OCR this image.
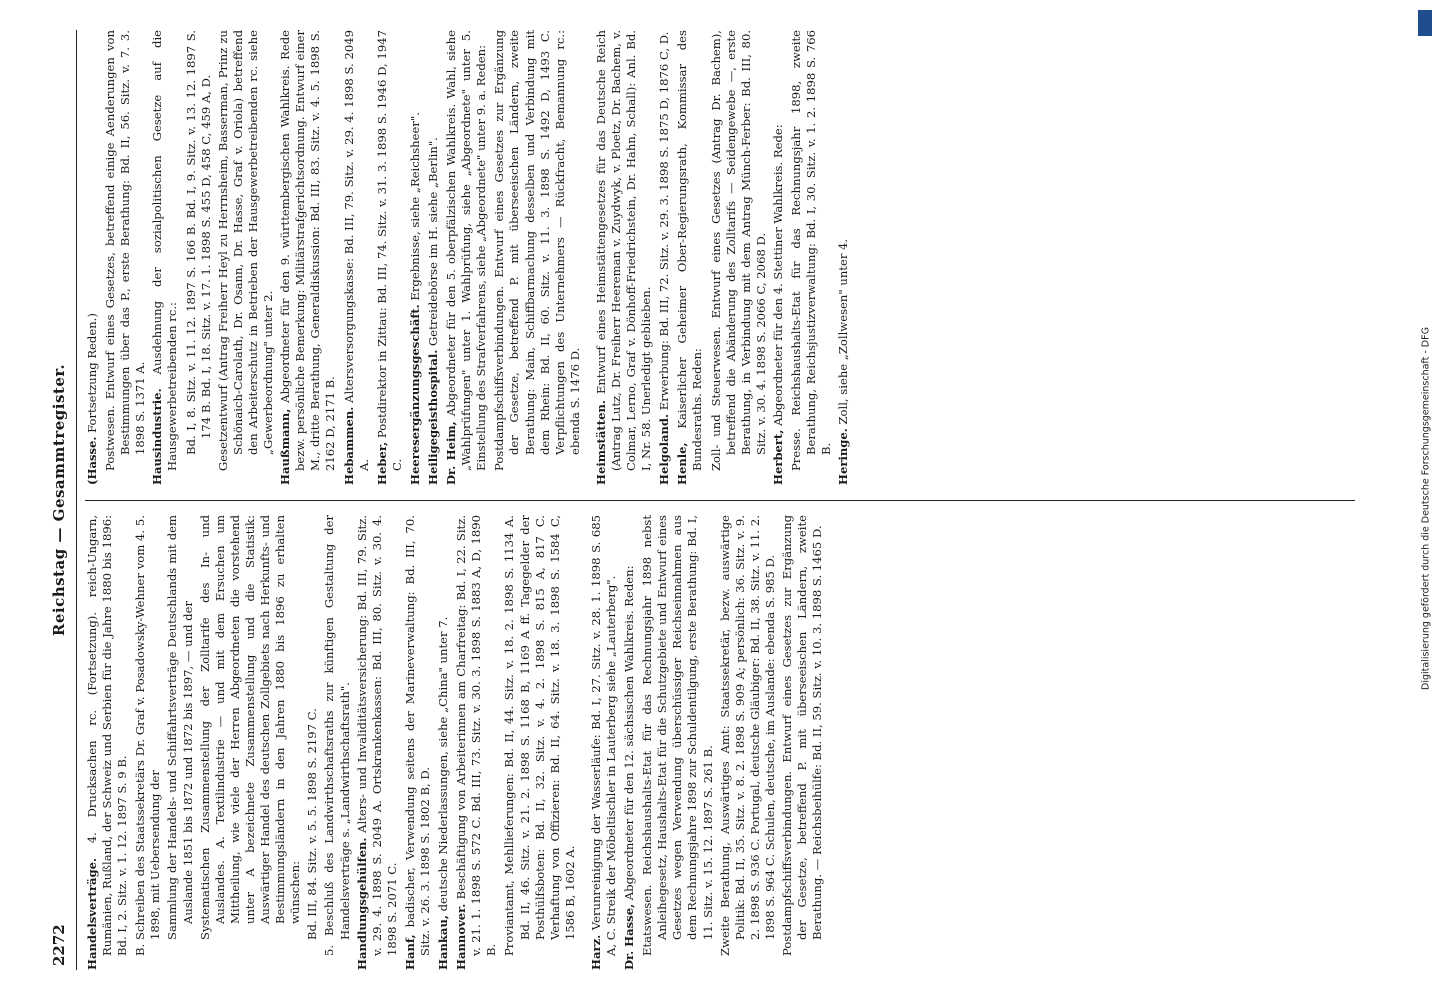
2272
Reichstag — Gesammtregister.

Handelsverträge. 4. Drucksachen rc. (Fortsetzung). reich-Ungarn, Rumänien, Rußland, der Schweiz und Serbien für die Jahre 1880 bis 1896: Bd. I, 2. Sitz. v. 1. 12. 1897 S. 9 B. B. Schreiben des Staatssekretärs Dr. Graf v. Posadowsky-Wehner vom 4. 5. 1898, mit Uebersendung der Sammlung der Handels- und Schiffahrtsverträge Deutschlands mit dem Auslande 1851 bis 1872 und 1872 bis 1897, — und der Systematischen Zusammenstellung der Zolltarife des In- und Auslandes. A. Textilindustrie — und mit dem Ersuchen um Mittheilung, wie viele der Herren Abgeordneten die vorstehend unter A bezeichnete Zusammenstellung und die Statistik: Auswärtiger Handel des deutschen Zollgebiets nach Herkunfts- und Bestimmungsländern in den Jahren 1880 bis 1896 zu erhalten wünschen: Bd. III, 84. Sitz. v. 5. 5. 1898 S. 2197 C. 5. Beschluß des Landwirthschaftsraths zur künftigen Gestaltung der Handelsverträge s. „Landwirthschaftsrath". Handlungsgehülfen. Alters- und Invaliditätsversicherung: Bd. III, 79. Sitz. v. 29. 4. 1898 S. 2049 A. Ortskrankenkassen: Bd. III, 80. Sitz. v. 30. 4. 1898 S. 2071 C. Hanf, badischer, Verwendung seitens der Marineverwaltung: Bd. III, 70. Sitz. v. 26. 3. 1898 S. 1802 B, D. Hankau, deutsche Niederlassungen, siehe „China" unter 7.

Hannover. Beschäftigung von Arbeiterinnen am Charfreitag: Bd. I, 22. Sitz. v. 21. 1. 1898 S. 572 C. Bd. III, 73. Sitz. v. 30. 3. 1898 S. 1883 A, D, 1890 B. Proviantamt, Mehllieferungen: Bd. II, 44. Sitz. v. 18. 2. 1898 S. 1134 A. Bd. II, 46. Sitz. v. 21. 2. 1898 S. 1168 B, 1169 A ff. Tagegelder der Posthülfsboten: Bd. II, 32. Sitz. v. 4. 2. 1898 S. 815 A, 817 C. Verhaftung von Offizieren: Bd. II, 64. Sitz. v. 18. 3. 1898 S. 1584 C, 1586 B, 1602 A.

Harz. Verunreinigung der Wasserläufe: Bd. I, 27. Sitz. v. 28. 1. 1898 S. 685 A, C. Streik der Möbeltischler in Lauterberg siehe „Lauterberg". Dr. Hasse, Abgeordneter für den 12. sächsischen Wahlkreis. Reden: Etatswesen. Reichshaushalts-Etat für das Rechnungsjahr 1898 nebst Anleihegesetz, Haushalts-Etat für die Schutzgebiete und Entwurf eines Gesetzes wegen Verwendung überschüssiger Reichseinnahmen aus dem Rechnungsjahre 1898 zur Schuldentilgung, erste Berathung: Bd. I, 11. Sitz. v. 15. 12. 1897 S. 261 B. Zweite Berathung, Auswärtiges Amt: Staatssekretär, bezw. auswärtige Politik: Bd. II, 35. Sitz. v. 8. 2. 1898 S. 909 A; persönlich: 36. Sitz. v. 9. 2. 1898 S. 936 C. Portugal, deutsche Gläubiger: Bd. II, 38. Sitz. v. 11. 2. 1898 S. 964 C. Schulen, deutsche, im Auslande: ebenda S. 985 D. Postdampfschiffsverbindungen. Entwurf eines Gesetzes zur Ergänzung der Gesetze, betreffend P. mit überseeischen Ländern, zweite Berathung. — Reichsbeihülfe: Bd. II, 59. Sitz. v. 10. 3. 1898 S. 1465 D.

(Hasse. Fortsetzung Reden.) Postwesen. Entwurf eines Gesetzes, betreffend einige Aenderungen von Bestimmungen über das P., erste Berathung: Bd. II, 56. Sitz. v. 7. 3. 1898 S. 1371 A. Hausindustrie. Ausdehnung der sozialpolitischen Gesetze auf die Hausgewerbetreibenden rc.: Bd. I, 8. Sitz. v. 11. 12. 1897 S. 166 B. Bd. I, 9. Sitz. v. 13. 12. 1897 S. 174 B. Bd. I, 18. Sitz. v. 17. 1. 1898 S. 455 D, 458 C, 459 A, D. Gesetzentwurf (Antrag Freiherr Heyl zu Herrnsheim, Basserman, Prinz zu Schönaich-Carolath, Dr. Osann, Dr. Hasse, Graf v. Oriola) betreffend den Arbeiterschutz in Betrieben der Hausgewerbetreibenden rc. siehe „Gewerbeordnung" unter 2. Haußmann, Abgeordneter für den 9. württembergischen Wahlkreis. Rede bezw. persönliche Bemerkung: Militärstrafgerichtsordnung. Entwurf einer M., dritte Berathung, Generaldiskussion: Bd. III, 83. Sitz. v. 4. 5. 1898 S. 2162 D, 2171 B. Hebammen. Altersversorgungskasse: Bd. III, 79. Sitz. v. 29. 4. 1898 S. 2049 A. Heber, Postdirektor in Zittau: Bd. III, 74. Sitz. v. 31. 3. 1898 S. 1946 D, 1947 C. Heeresergänzungsgeschäft. Ergebnisse, siehe „Reichsheer".

Heiligegeisthospital. Getreidebörse im H. siehe „Berlin".

Dr. Heim, Abgeordneter für den 5. oberpfälzischen Wahlkreis. Wahl, siehe „Wahlprüfungen" unter 1. Wahlprüfung, siehe „Abgeordnete" unter 5. Einstellung des Strafverfahrens, siehe „Abgeordnete" unter 9. a. Reden: Postdampfschiffsverbindungen. Entwurf eines Gesetzes zur Ergänzung der Gesetze, betreffend P. mit überseeischen Ländern, zweite Berathung: Main, Schiffbarmachung desselben und Verbindung mit dem Rhein: Bd. II, 60. Sitz. v. 11. 3. 1898 S. 1492 D, 1493 C. Verpflichtungen des Unternehmers — Rückfracht, Bemannung rc.: ebenda S. 1476 D. Heimstätten. Entwurf eines Heimstättengesetzes für das Deutsche Reich (Antrag Lutz, Dr. Freiherr Heereman v. Zuydwyk, v. Ploetz, Dr. Bachem, v. Colmar, Lerno, Graf v. Dönhoff-Friedrichstein, Dr. Hahn, Schall): Anl. Bd. I, Nr. 58. Unerledigt geblieben. Helgoland. Erwerbung: Bd. III, 72. Sitz. v. 29. 3. 1898 S. 1875 D, 1876 C, D.

Henle, Kaiserlicher Geheimer Ober-Regierungsrath, Kommissar des Bundesraths. Reden: Zoll- und Steuerwesen. Entwurf eines Gesetzes (Antrag Dr. Bachem), betreffend die Abänderung des Zolltarifs — Seidengewebe —, erste Berathung, in Verbindung mit dem Antrag Münch-Ferber: Bd. III, 80. Sitz. v. 30. 4. 1898 S. 2066 C, 2068 D.

Herbert, Abgeordneter für den 4. Stettiner Wahlkreis. Rede: Presse. Reichshaushalts-Etat für das Rechnungsjahr 1898, zweite Berathung, Reichsjustizverwaltung: Bd. I, 30. Sitz. v. 1. 2. 1898 S. 766 B. Heringe. Zoll, siehe „Zollwesen" unter 4.	Digitalisierung gefördert durch die Deutsche Forschungsgemeinschaft - DFG
